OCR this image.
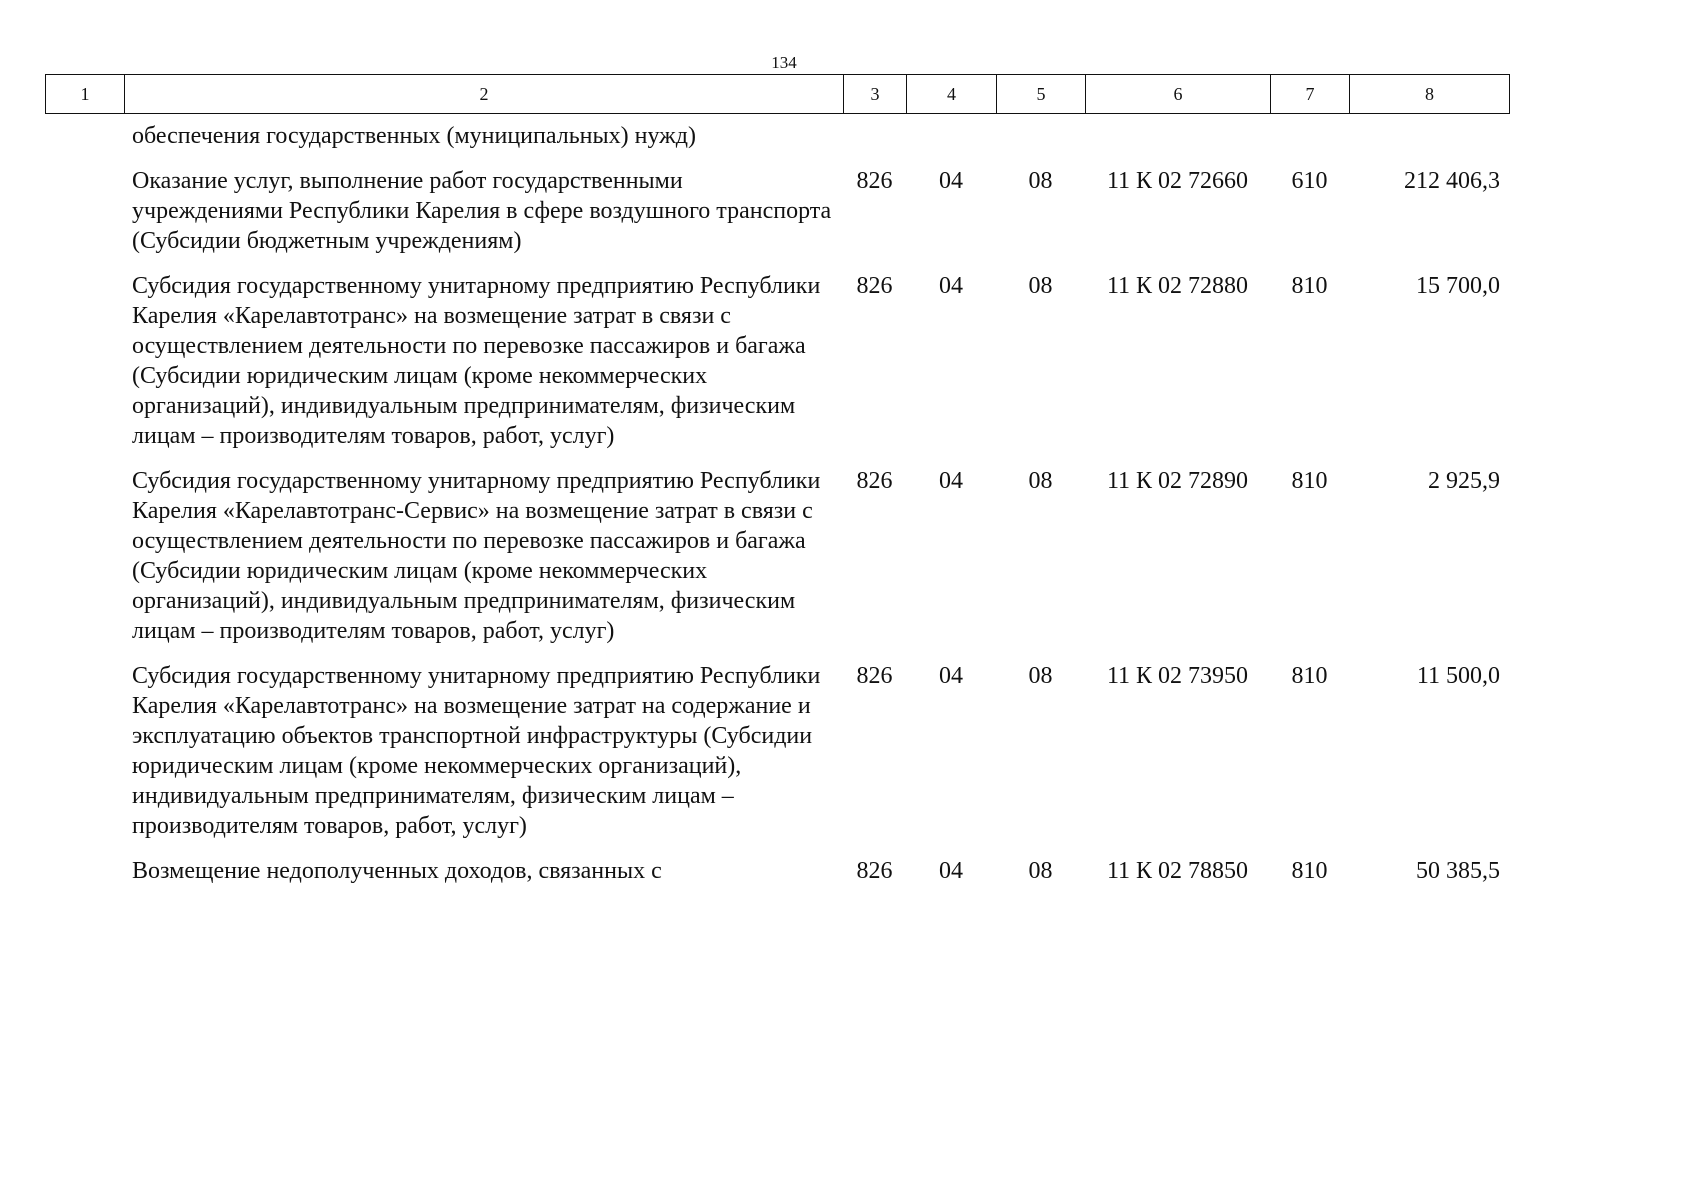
134
1	2	3	4	5	6	7	8
обеспечения государственных (муниципальных) нужд)						
Оказание услуг, выполнение работ государственными учреждениями Республики Карелия в сфере воздушного транспорта (Субсидии бюджетным учреждениям)	826	04	08	11 К 02 72660	610	212 406,3
Субсидия государственному унитарному предприятию Республики Карелия «Карелавтотранс» на возмещение затрат в связи с осуществлением деятельности по перевозке пассажиров и багажа (Субсидии юридическим лицам (кроме некоммерческих организаций), индивидуальным предпринимателям, физическим лицам – производителям товаров, работ, услуг)	826	04	08	11 К 02 72880	810	15 700,0
Субсидия государственному унитарному предприятию Республики Карелия «Карелавтотранс-Сервис» на возмещение затрат в связи с осуществлением деятельности по перевозке пассажиров и багажа (Субсидии юридическим лицам (кроме некоммерческих организаций), индивидуальным предпринимателям, физическим лицам – производителям товаров, работ, услуг)	826	04	08	11 К 02 72890	810	2 925,9
Субсидия государственному унитарному предприятию Республики Карелия «Карелавтотранс» на возмещение затрат на содержание и эксплуатацию объектов транспортной инфраструктуры (Субсидии юридическим лицам (кроме некоммерческих организаций), индивидуальным предпринимателям, физическим лицам – производителям товаров, работ, услуг)	826	04	08	11 К 02 73950	810	11 500,0
Возмещение недополученных доходов, связанных с	826	04	08	11 К 02 78850	810	50 385,5
